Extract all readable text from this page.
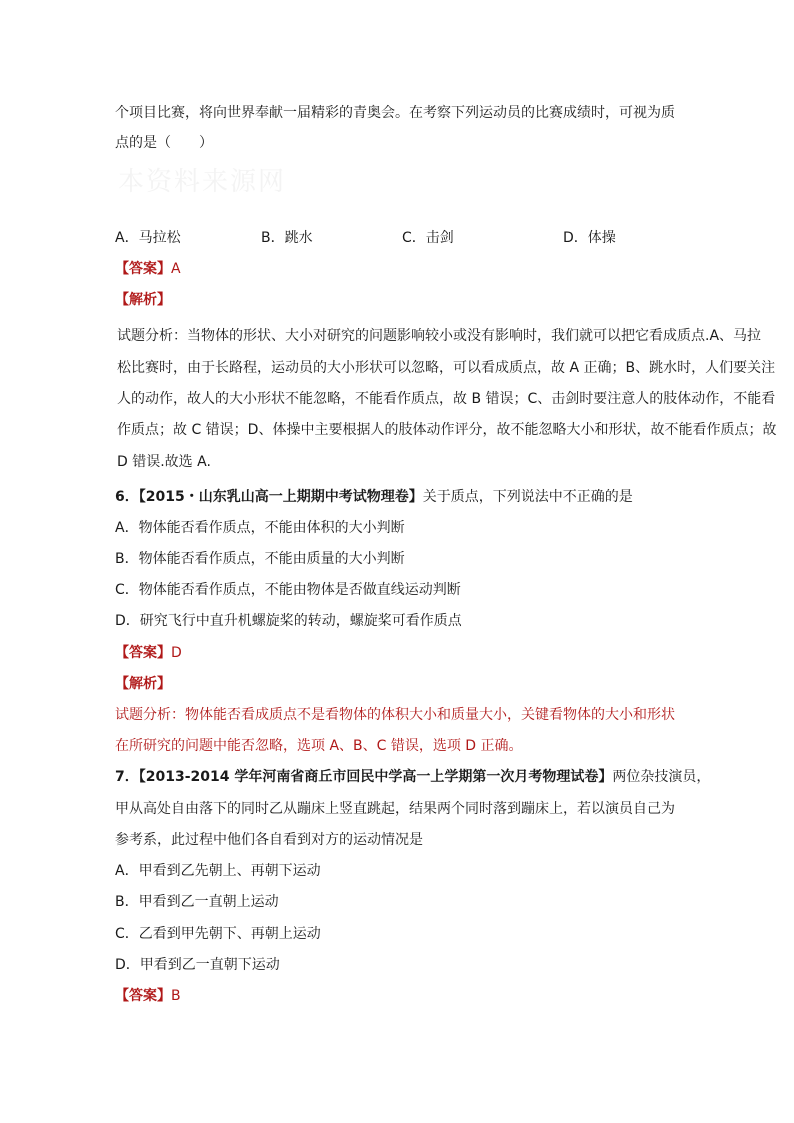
个项目比赛，将向世界奉献一届精彩的青奥会。在考察下列运动员的比赛成绩时，可视为质
点的是（　　）
本资料来源网
A．马拉松	B．跳水	C．击剑	D．体操
【答案】A
【解析】
试题分析：当物体的形状、大小对研究的问题影响较小或没有影响时，我们就可以把它看成质点.A、马拉
松比赛时，由于长路程，运动员的大小形状可以忽略，可以看成质点，故 A 正确；B、跳水时，人们要关注
人的动作，故人的大小形状不能忽略，不能看作质点，故 B 错误；C、击剑时要注意人的肢体动作，不能看
作质点；故 C 错误；D、体操中主要根据人的肢体动作评分，故不能忽略大小和形状，故不能看作质点；故
D 错误.故选 A.
6．【2015・山东乳山高一上期期中考试物理卷】关于质点，下列说法中不正确的是
A．物体能否看作质点，不能由体积的大小判断
B．物体能否看作质点，不能由质量的大小判断
C．物体能否看作质点，不能由物体是否做直线运动判断
D．研究飞行中直升机螺旋桨的转动，螺旋桨可看作质点
【答案】D
【解析】
试题分析：物体能否看成质点不是看物体的体积大小和质量大小，关键看物体的大小和形状
在所研究的问题中能否忽略，选项 A、B、C 错误，选项 D 正确。
7．【2013-2014 学年河南省商丘市回民中学高一上学期第一次月考物理试卷】两位杂技演员，
甲从高处自由落下的同时乙从蹦床上竖直跳起，结果两个同时落到蹦床上，若以演员自己为
参考系，此过程中他们各自看到对方的运动情况是
A．甲看到乙先朝上、再朝下运动
B．甲看到乙一直朝上运动
C．乙看到甲先朝下、再朝上运动
D．甲看到乙一直朝下运动
【答案】B
